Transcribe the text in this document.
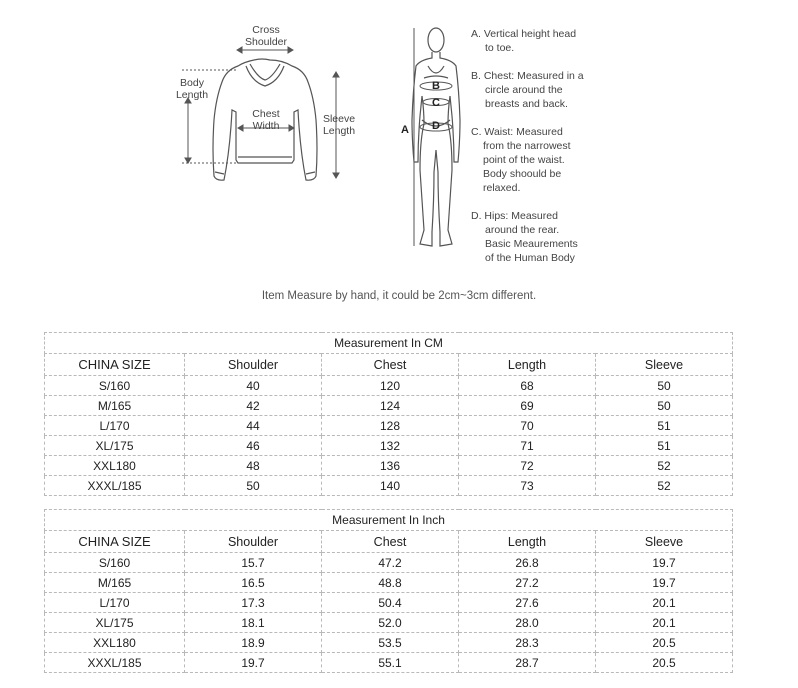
Cross
Shoulder
Body
Length
Chest
Width
Sleeve
Length	A
B
C
D
A. Vertical height head
to toe.
B. Chest: Measured in a
circle around the
breasts and back.
C. Waist: Measured
from the narrowest
point of the waist.
Body shoould be
relaxed.
D. Hips: Measured
around the rear.
Basic Meaurements
of the Human Body
Item Measure by hand, it could be 2cm~3cm different.
Measurement In CM				
CHINA SIZE	Shoulder	Chest	Length	Sleeve
S/160	40	120	68	50
M/165	42	124	69	50
L/170	44	128	70	51
XL/175	46	132	71	51
XXL180	48	136	72	52
XXXL/185	50	140	73	52
Measurement In Inch				
CHINA SIZE	Shoulder	Chest	Length	Sleeve
S/160	15.7	47.2	26.8	19.7
M/165	16.5	48.8	27.2	19.7
L/170	17.3	50.4	27.6	20.1
XL/175	18.1	52.0	28.0	20.1
XXL180	18.9	53.5	28.3	20.5
XXXL/185	19.7	55.1	28.7	20.5
